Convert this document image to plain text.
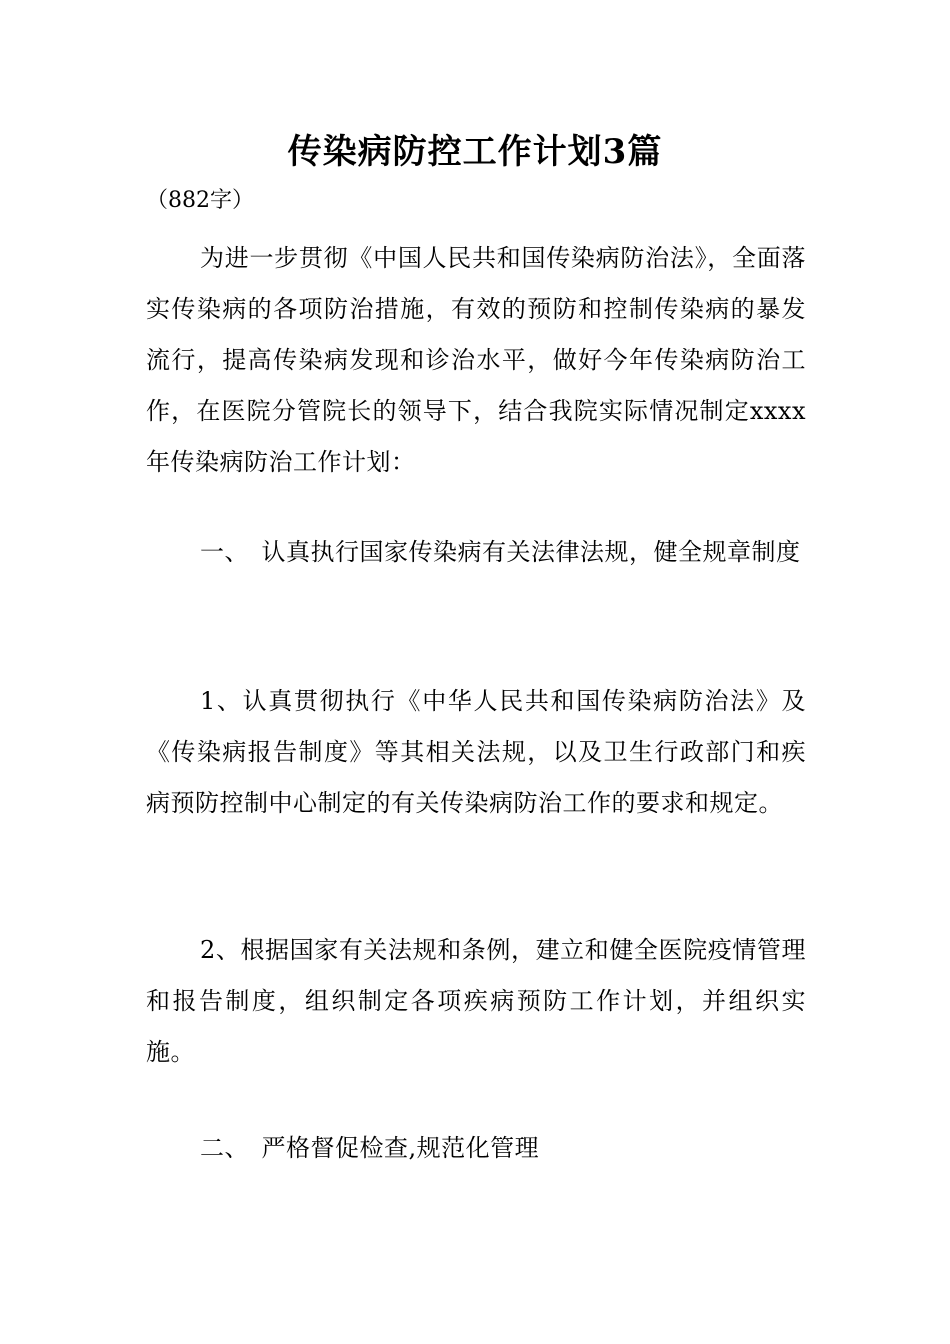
传染病防控工作计划3篇
（882字）
为进一步贯彻《中国人民共和国传染病防治法》，全面落实传染病的各项防治措施，有效的预防和控制传染病的暴发流行，提高传染病发现和诊治水平，做好今年传染病防治工作，在医院分管院长的领导下，结合我院实际情况制定xxxx年传染病防治工作计划：
一、　认真执行国家传染病有关法律法规，健全规章制度
1、认真贯彻执行《中华人民共和国传染病防治法》及《传染病报告制度》等其相关法规，以及卫生行政部门和疾病预防控制中心制定的有关传染病防治工作的要求和规定。
2、根据国家有关法规和条例，建立和健全医院疫情管理和报告制度，组织制定各项疾病预防工作计划，并组织实施。
二、　严格督促检查,规范化管理
